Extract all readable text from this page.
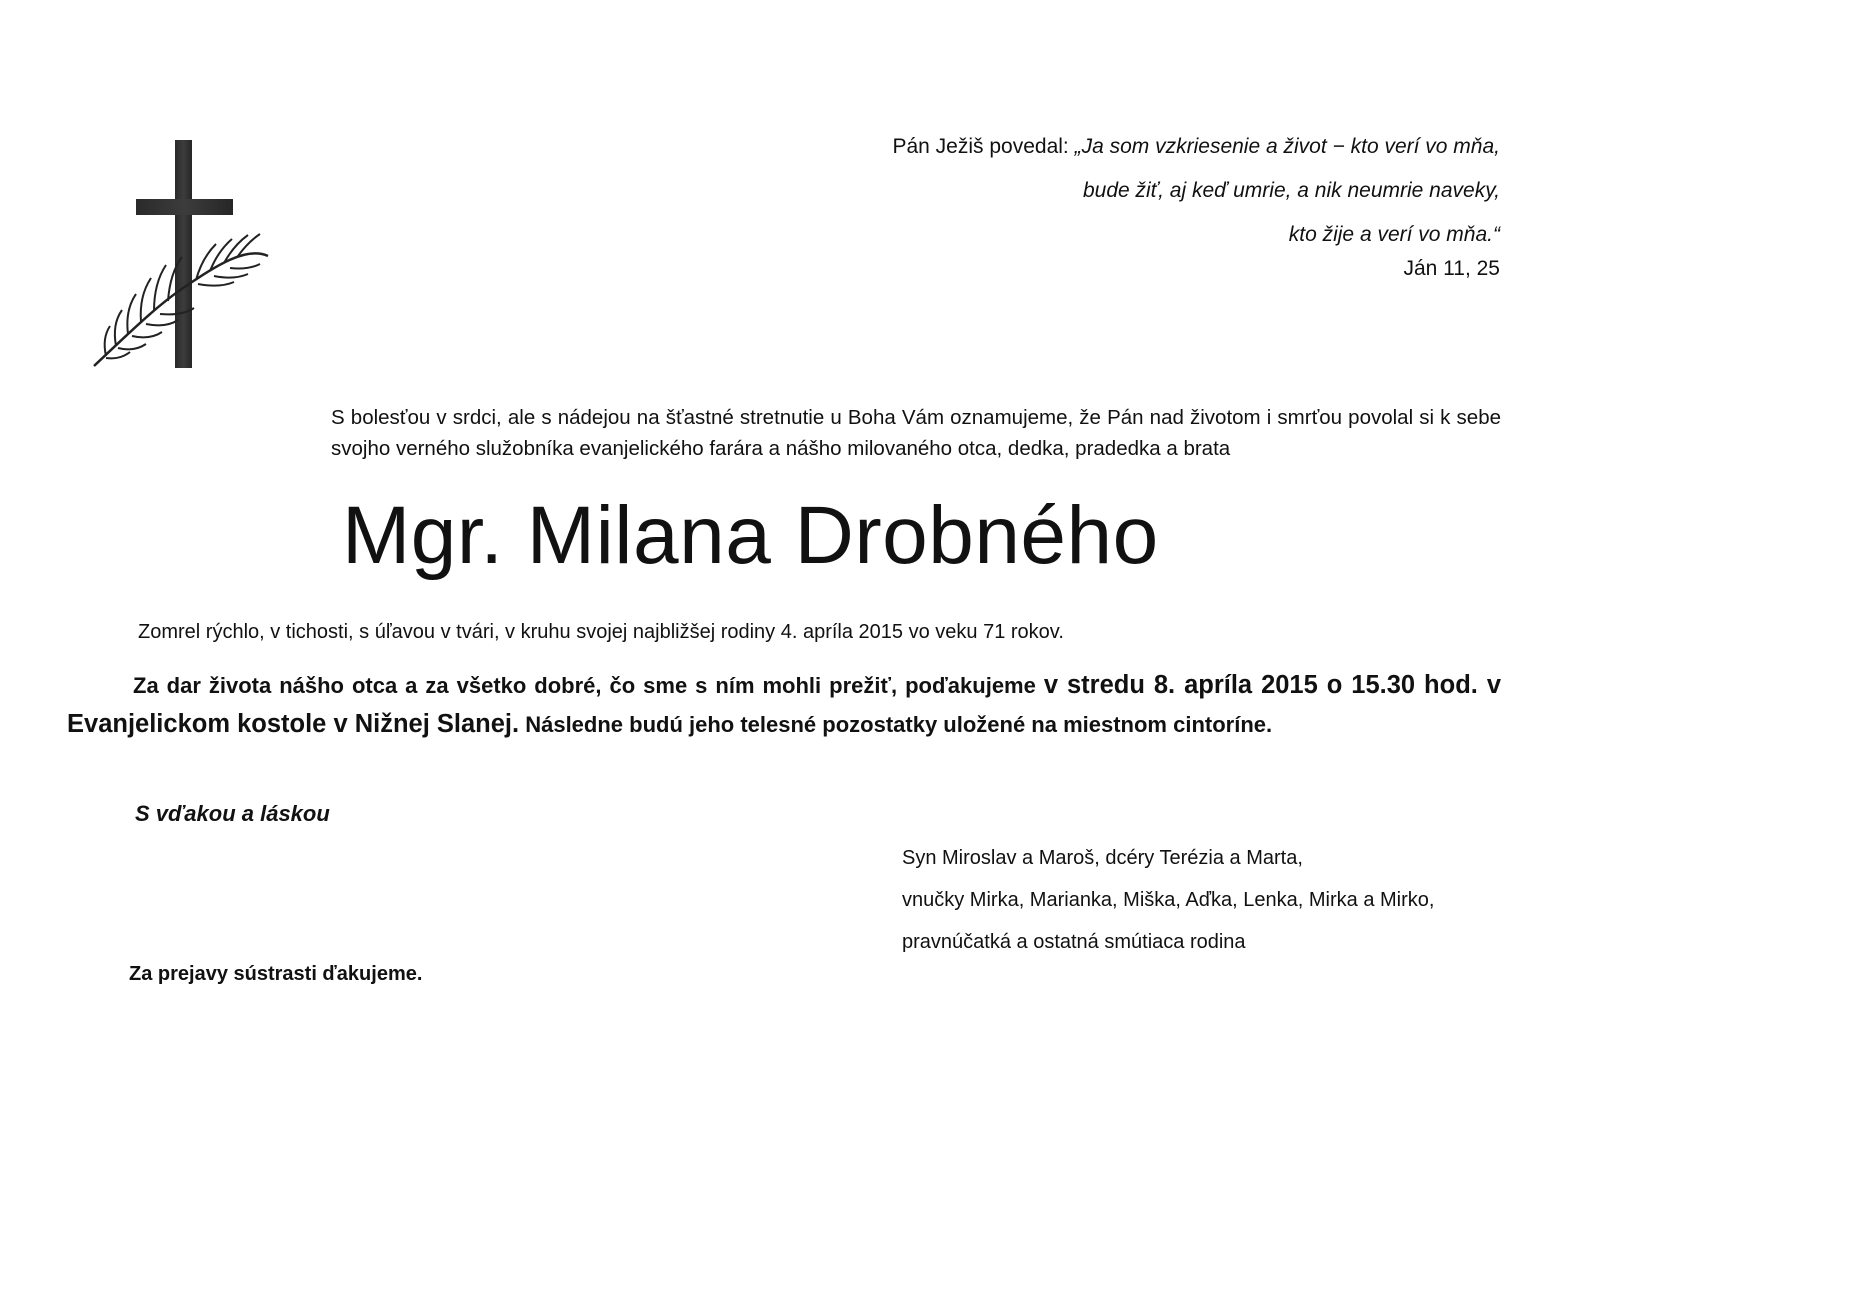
Pán Ježiš povedal: „Ja som vzkriesenie a život − kto verí vo mňa,
bude žiť, aj keď umrie, a nik neumrie naveky,
kto žije a verí vo mňa.“
Ján 11, 25
S bolesťou v srdci, ale s nádejou na šťastné stretnutie u Boha Vám oznamujeme, že Pán nad životom i smrťou povolal si k sebe svojho verného služobníka evanjelického farára a nášho milovaného otca, dedka, pradedka a brata
Mgr. Milana Drobného
Zomrel rýchlo, v tichosti, s úľavou v tvári, v kruhu svojej najbližšej rodiny 4. apríla 2015 vo veku 71 rokov.
Za dar života nášho otca a za všetko dobré, čo sme s ním mohli prežiť, poďakujeme v stredu 8. apríla 2015 o 15.30 hod. v Evanjelickom kostole v Nižnej Slanej. Následne budú jeho telesné pozostatky uložené na miestnom cintoríne.
S vďakou a láskou
Syn Miroslav a Maroš, dcéry Terézia a Marta,
vnučky Mirka, Marianka, Miška, Aďka, Lenka, Mirka a Mirko,
pravnúčatká a ostatná smútiaca rodina
Za prejavy sústrasti ďakujeme.
